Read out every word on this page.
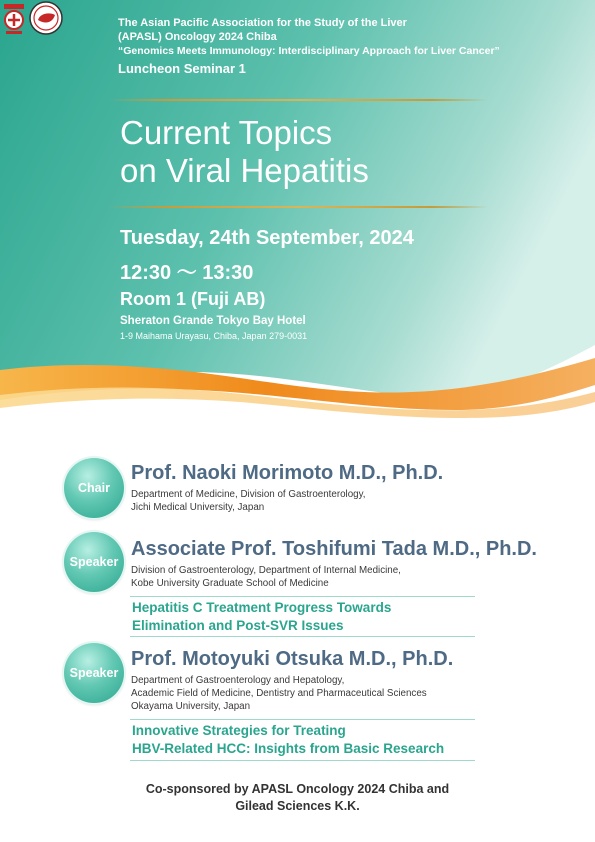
The Asian Pacific Association for the Study of the Liver
(APASL) Oncology 2024 Chiba
“Genomics Meets Immunology: Interdisciplinary Approach for Liver Cancer”
Luncheon Seminar 1
Current Topics
on Viral Hepatitis
Tuesday, 24th September, 2024
12:30 〜 13:30
Room 1 (Fuji AB)
Sheraton Grande Tokyo Bay Hotel
1-9 Maihama Urayasu, Chiba, Japan 279-0031
Chair
Prof. Naoki Morimoto M.D., Ph.D.
Department of Medicine, Division of Gastroenterology,
Jichi Medical University, Japan
Speaker
Associate Prof. Toshifumi Tada M.D., Ph.D.
Division of Gastroenterology, Department of Internal Medicine,
Kobe University Graduate School of Medicine
Hepatitis C Treatment Progress Towards
Elimination and Post-SVR Issues
Speaker
Prof. Motoyuki Otsuka M.D., Ph.D.
Department of Gastroenterology and Hepatology,
Academic Field of Medicine, Dentistry and Pharmaceutical Sciences
Okayama University, Japan
Innovative Strategies for Treating
HBV-Related HCC: Insights from Basic Research
Co-sponsored by APASL Oncology 2024 Chiba and
Gilead Sciences K.K.
